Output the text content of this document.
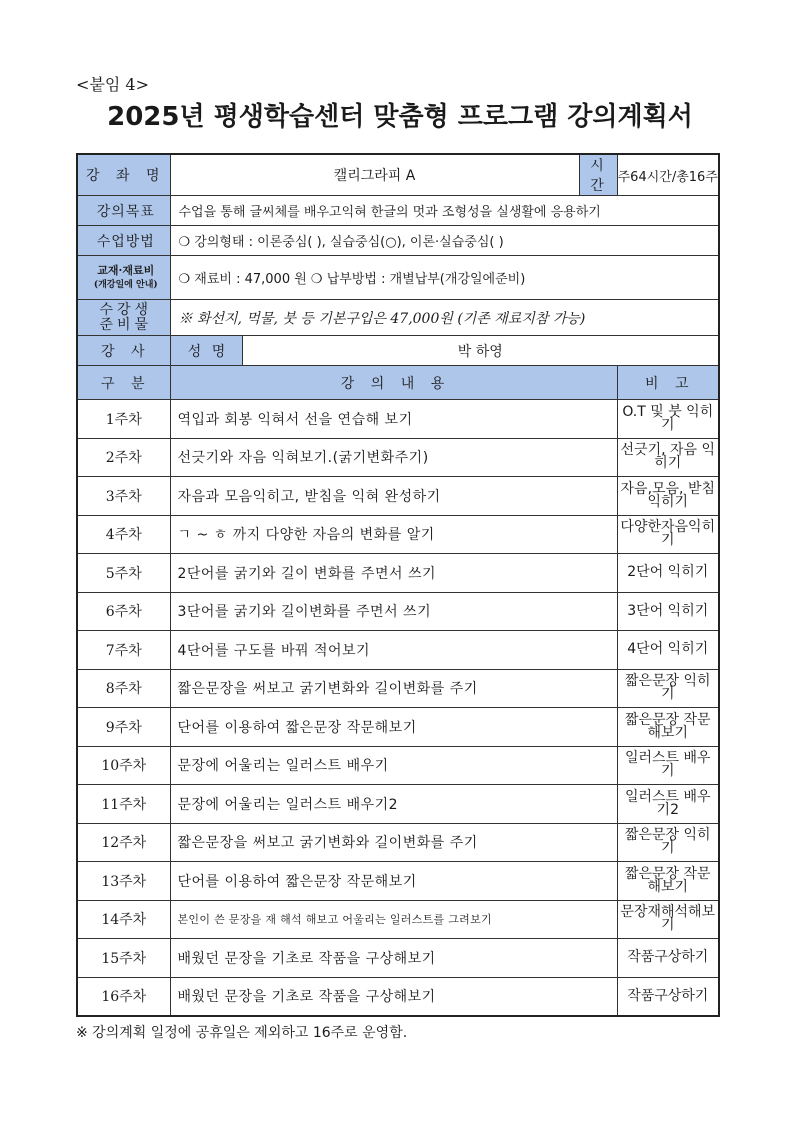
<붙임 4>
2025년 평생학습센터 맞춤형 프로그램 강의계획서
강 좌 명	캘리그라피 A		시 간	주64시간/총16주
강의목표	수업을 통해 글씨체를 배우고익혀 한글의 멋과 조형성을 실생활에 응용하기			
수업방법	❍ 강의형태 : 이론중심( ), 실습중심(○), 이론·실습중심( )			

교재·재료비
(개강일에 안내)	❍ 재료비 : 47,000 원 ❍ 납부방법 : 개별납부(개강일에준비)			

수강생
준비물	※ 화선지, 먹물, 붓 등 기본구입은 47,000원 (기존 재료지참 가능)			
강 사	성 명	박 하영		
구 분	강 의 내 용			비 고
1주차	역입과 회봉 익혀서 선을 연습해 보기			O.T 및 붓 익히기
2주차	선긋기와 자음 익혀보기.(굵기변화주기)			선긋기, 자음 익히기
3주차	자음과 모음익히고, 받침을 익혀 완성하기			자음,모음, 받침익히기
4주차	ㄱ ~ ㅎ 까지 다양한 자음의 변화를 알기			다양한자음익히기
5주차	2단어를 굵기와 길이 변화를 주면서 쓰기			2단어 익히기
6주차	3단어를 굵기와 길이변화를 주면서 쓰기			3단어 익히기
7주차	4단어를 구도를 바꿔 적어보기			4단어 익히기
8주차	짧은문장을 써보고 굵기변화와 길이변화를 주기			짧은문장 익히기
9주차	단어를 이용하여 짧은문장 작문해보기			짧은문장 작문해보기
10주차	문장에 어울리는 일러스트 배우기			일러스트 배우기
11주차	문장에 어울리는 일러스트 배우기2			일러스트 배우기2
12주차	짧은문장을 써보고 굵기변화와 길이변화를 주기			짧은문장 익히기
13주차	단어를 이용하여 짧은문장 작문해보기			짧은문장 작문해보기
14주차	본인이 쓴 문장을 재 해석 해보고 어울리는 일러스트를 그려보기			문장재해석해보기
15주차	배웠던 문장을 기초로 작품을 구상해보기			작품구상하기
16주차	배웠던 문장을 기초로 작품을 구상해보기			작품구상하기
※ 강의계획 일정에 공휴일은 제외하고 16주로 운영함.
